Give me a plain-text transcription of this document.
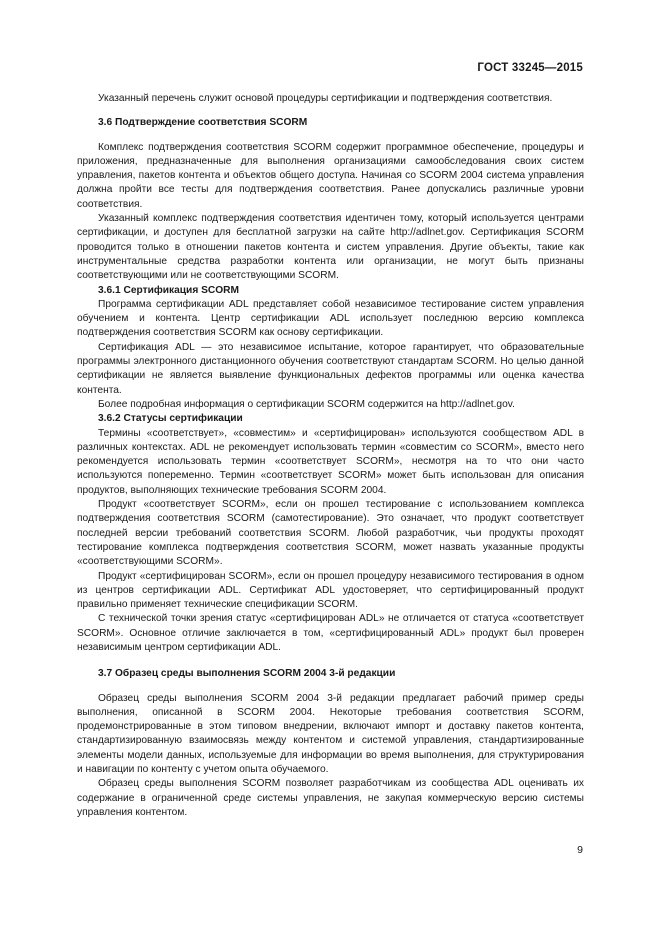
ГОСТ 33245—2015

Указанный перечень служит основой процедуры сертификации и подтверждения соответствия.

3.6 Подтверждение соответствия SCORM

Комплекс подтверждения соответствия SCORM содержит программное обеспечение, процедуры и приложения, предназначенные для выполнения организациями самообследования своих систем управления, пакетов контента и объектов общего доступа. Начиная со SCORM 2004 система управления должна пройти все тесты для подтверждения соответствия. Ранее допускались различные уровни соответствия.

Указанный комплекс подтверждения соответствия идентичен тому, который используется центрами сертификации, и доступен для бесплатной загрузки на сайте http://adlnet.gov. Сертификация SCORM проводится только в отношении пакетов контента и систем управления. Другие объекты, такие как инструментальные средства разработки контента или организации, не могут быть признаны соответствующими или не соответствующими SCORM.

3.6.1 Сертификация SCORM

Программа сертификации ADL представляет собой независимое тестирование систем управления обучением и контента. Центр сертификации ADL использует последнюю версию комплекса подтверждения соответствия SCORM как основу сертификации.

Сертификация ADL — это независимое испытание, которое гарантирует, что образовательные программы электронного дистанционного обучения соответствуют стандартам SCORM. Но целью данной сертификации не является выявление функциональных дефектов программы или оценка качества контента.

Более подробная информация о сертификации SCORM содержится на http://adlnet.gov.

3.6.2 Статусы сертификации

Термины «соответствует», «совместим» и «сертифицирован» используются сообществом ADL в различных контекстах. ADL не рекомендует использовать термин «совместим со SCORM», вместо него рекомендуется использовать термин «соответствует SCORM», несмотря на то что они часто используются попеременно. Термин «соответствует SCORM» может быть использован для описания продуктов, выполняющих технические требования SCORM 2004.

Продукт «соответствует SCORM», если он прошел тестирование с использованием комплекса подтверждения соответствия SCORM (самотестирование). Это означает, что продукт соответствует последней версии требований соответствия SCORM. Любой разработчик, чьи продукты проходят тестирование комплекса подтверждения соответствия SCORM, может назвать указанные продукты «соответствующими SCORM».

Продукт «сертифицирован SCORM», если он прошел процедуру независимого тестирования в одном из центров сертификации ADL. Сертификат ADL удостоверяет, что сертифицированный продукт правильно применяет технические спецификации SCORM.

С технической точки зрения статус «сертифицирован ADL» не отличается от статуса «соответствует SCORM». Основное отличие заключается в том, «сертифицированный ADL» продукт был проверен независимым центром сертификации ADL.

3.7 Образец среды выполнения SCORM 2004 3-й редакции

Образец среды выполнения SCORM 2004 3-й редакции предлагает рабочий пример среды выполнения, описанной в SCORM 2004. Некоторые требования соответствия SCORM, продемонстрированные в этом типовом внедрении, включают импорт и доставку пакетов контента, стандартизированную взаимосвязь между контентом и системой управления, стандартизированные элементы модели данных, используемые для информации во время выполнения, для структурирования и навигации по контенту с учетом опыта обучаемого.

Образец среды выполнения SCORM позволяет разработчикам из сообщества ADL оценивать их содержание в ограниченной среде системы управления, не закупая коммерческую версию системы управления контентом.

9
